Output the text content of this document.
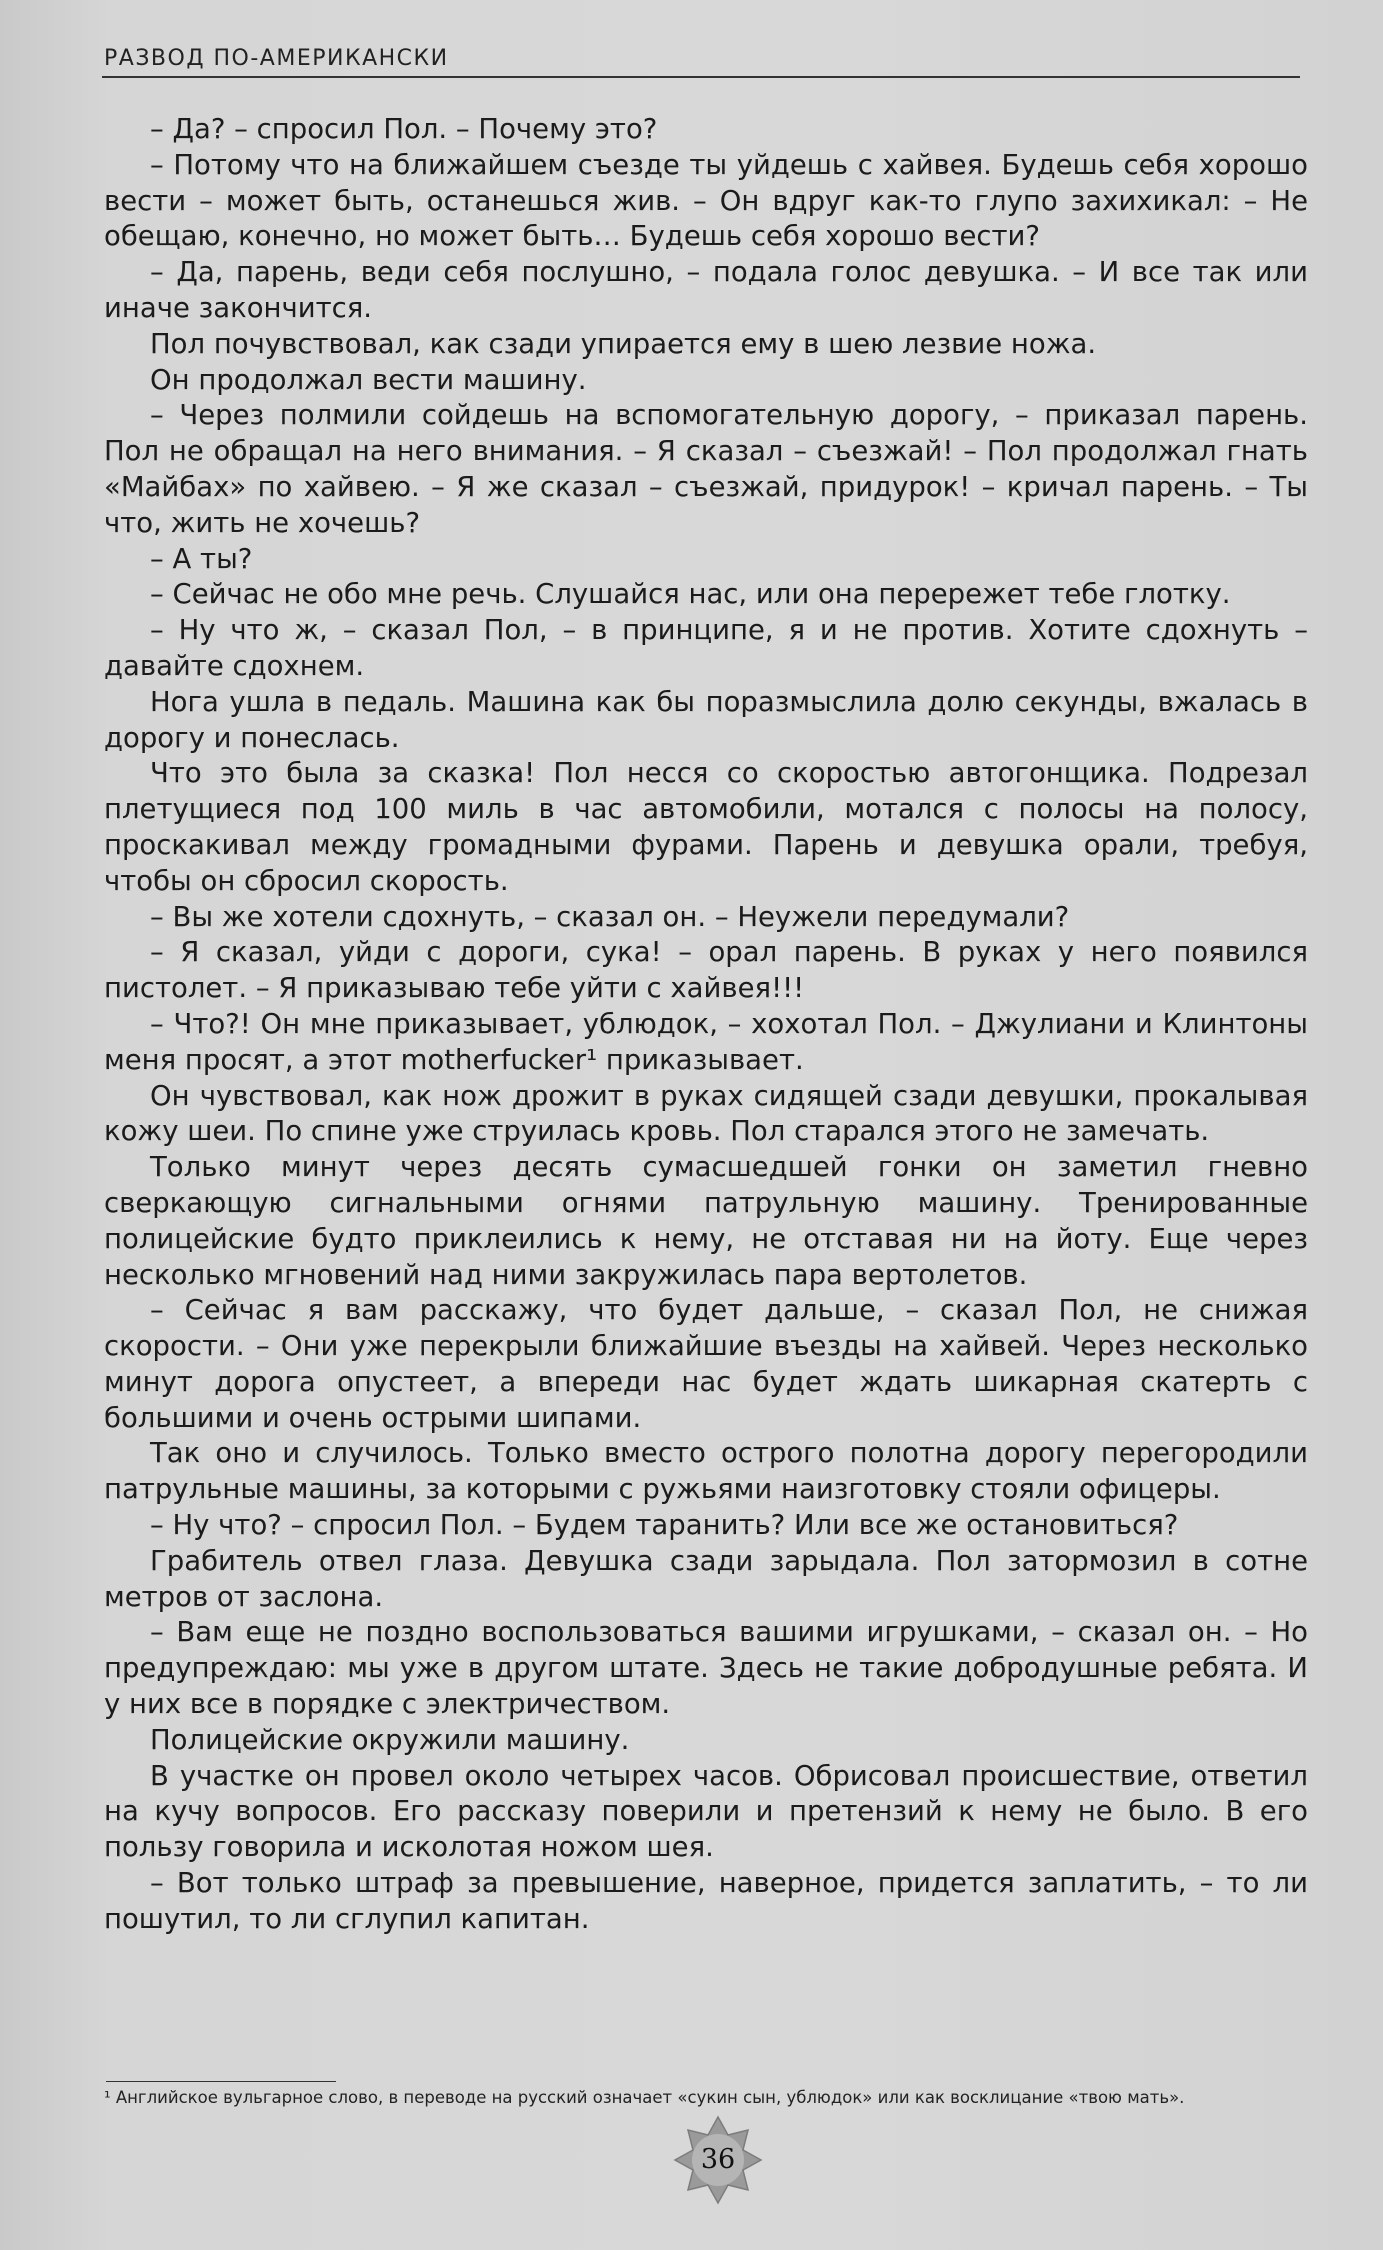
РАЗВОД ПО-АМЕРИКАНСКИ

– Да? – спросил Пол. – Почему это?

– Потому что на ближайшем съезде ты уйдешь с хайвея. Будешь себя хорошо вести – может быть, останешься жив. – Он вдруг как-то глупо захихикал: – Не обещаю, конечно, но может быть… Будешь себя хорошо вести?

– Да, парень, веди себя послушно, – подала голос девушка. – И все так или иначе закончится.

Пол почувствовал, как сзади упирается ему в шею лезвие ножа.

Он продолжал вести машину.

– Через полмили сойдешь на вспомогательную дорогу, – приказал парень. Пол не обращал на него внимания. – Я сказал – съезжай! – Пол продолжал гнать «Майбах» по хайвею. – Я же сказал – съезжай, придурок! – кричал парень. – Ты что, жить не хочешь?

– А ты?

– Сейчас не обо мне речь. Слушайся нас, или она перережет тебе глотку.

– Ну что ж, – сказал Пол, – в принципе, я и не против. Хотите сдохнуть – давайте сдохнем.

Нога ушла в педаль. Машина как бы поразмыслила долю секунды, вжалась в дорогу и понеслась.

Что это была за сказка! Пол несся со скоростью автогонщика. Подрезал плетущиеся под 100 миль в час автомобили, мотался с полосы на полосу, проскакивал между громадными фурами. Парень и девушка орали, требуя, чтобы он сбросил скорость.

– Вы же хотели сдохнуть, – сказал он. – Неужели передумали?

– Я сказал, уйди с дороги, сука! – орал парень. В руках у него появился пистолет. – Я приказываю тебе уйти с хайвея!!!

– Что?! Он мне приказывает, ублюдок, – хохотал Пол. – Джулиани и Клинтоны меня просят, а этот motherfucker¹ приказывает.

Он чувствовал, как нож дрожит в руках сидящей сзади девушки, прокалывая кожу шеи. По спине уже струилась кровь. Пол старался этого не замечать.

Только минут через десять сумасшедшей гонки он заметил гневно сверкающую сигнальными огнями патрульную машину. Тренированные полицейские будто приклеились к нему, не отставая ни на йоту. Еще через несколько мгновений над ними закружилась пара вертолетов.

– Сейчас я вам расскажу, что будет дальше, – сказал Пол, не снижая скорости. – Они уже перекрыли ближайшие въезды на хайвей. Через несколько минут дорога опустеет, а впереди нас будет ждать шикарная скатерть с большими и очень острыми шипами.

Так оно и случилось. Только вместо острого полотна дорогу перегородили патрульные машины, за которыми с ружьями наизготовку стояли офицеры.

– Ну что? – спросил Пол. – Будем таранить? Или все же остановиться?

Грабитель отвел глаза. Девушка сзади зарыдала. Пол затормозил в сотне метров от заслона.

– Вам еще не поздно воспользоваться вашими игрушками, – сказал он. – Но предупреждаю: мы уже в другом штате. Здесь не такие добродушные ребята. И у них все в порядке с электричеством.

Полицейские окружили машину.

В участке он провел около четырех часов. Обрисовал происшествие, ответил на кучу вопросов. Его рассказу поверили и претензий к нему не было. В его пользу говорила и исколотая ножом шея.

– Вот только штраф за превышение, наверное, придется заплатить, – то ли пошутил, то ли сглупил капитан.

¹ Английское вульгарное слово, в переводе на русский означает «сукин сын, ублюдок» или как восклицание «твою мать».
36
